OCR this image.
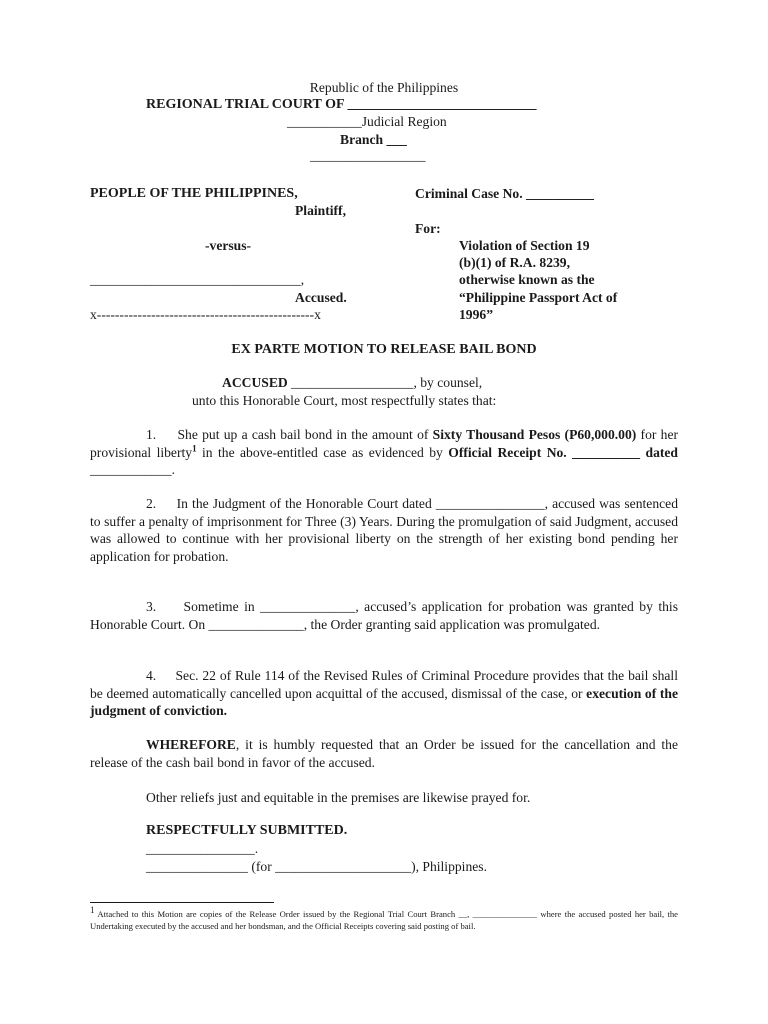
Republic of the Philippines
REGIONAL TRIAL COURT OF ___________________________
___________Judicial Region
Branch ___
_________________
PEOPLE OF THE PHILIPPINES,
Plaintiff,
-versus-
_______________________________,
Accused.
x------------------------------------------------x
Criminal Case No. __________
For:
Violation of Section 19
(b)(1) of R.A. 8239,
otherwise known as the
“Philippine Passport Act of
1996”
EX PARTE MOTION TO RELEASE BAIL BOND
ACCUSED __________________, by counsel,
unto this Honorable Court, most respectfully states that:
1. She put up a cash bail bond in the amount of Sixty Thousand Pesos (P60,000.00) for her provisional liberty$^1$ in the above-entitled case as evidenced by Official Receipt No. __________ dated ____________.
2. In the Judgment of the Honorable Court dated ________________, accused was sentenced to suffer a penalty of imprisonment for Three (3) Years. During the promulgation of said Judgment, accused was allowed to continue with her provisional liberty on the strength of her existing bond pending her application for probation.
3. Sometime in ______________, accused’s application for probation was granted by this Honorable Court. On ______________, the Order granting said application was promulgated.
4. Sec. 22 of Rule 114 of the Revised Rules of Criminal Procedure provides that the bail shall be deemed automatically cancelled upon acquittal of the accused, dismissal of the case, or execution of the judgment of conviction.
WHEREFORE, it is humbly requested that an Order be issued for the cancellation and the release of the cash bail bond in favor of the accused.
Other reliefs just and equitable in the premises are likewise prayed for.
RESPECTFULLY SUBMITTED.
________________.
_______________ (for ____________________), Philippines.
$^1$ Attached to this Motion are copies of the Release Order issued by the Regional Trial Court Branch __, _______________ where the accused posted her bail, the Undertaking executed by the accused and her bondsman, and the Official Receipts covering said posting of bail.
